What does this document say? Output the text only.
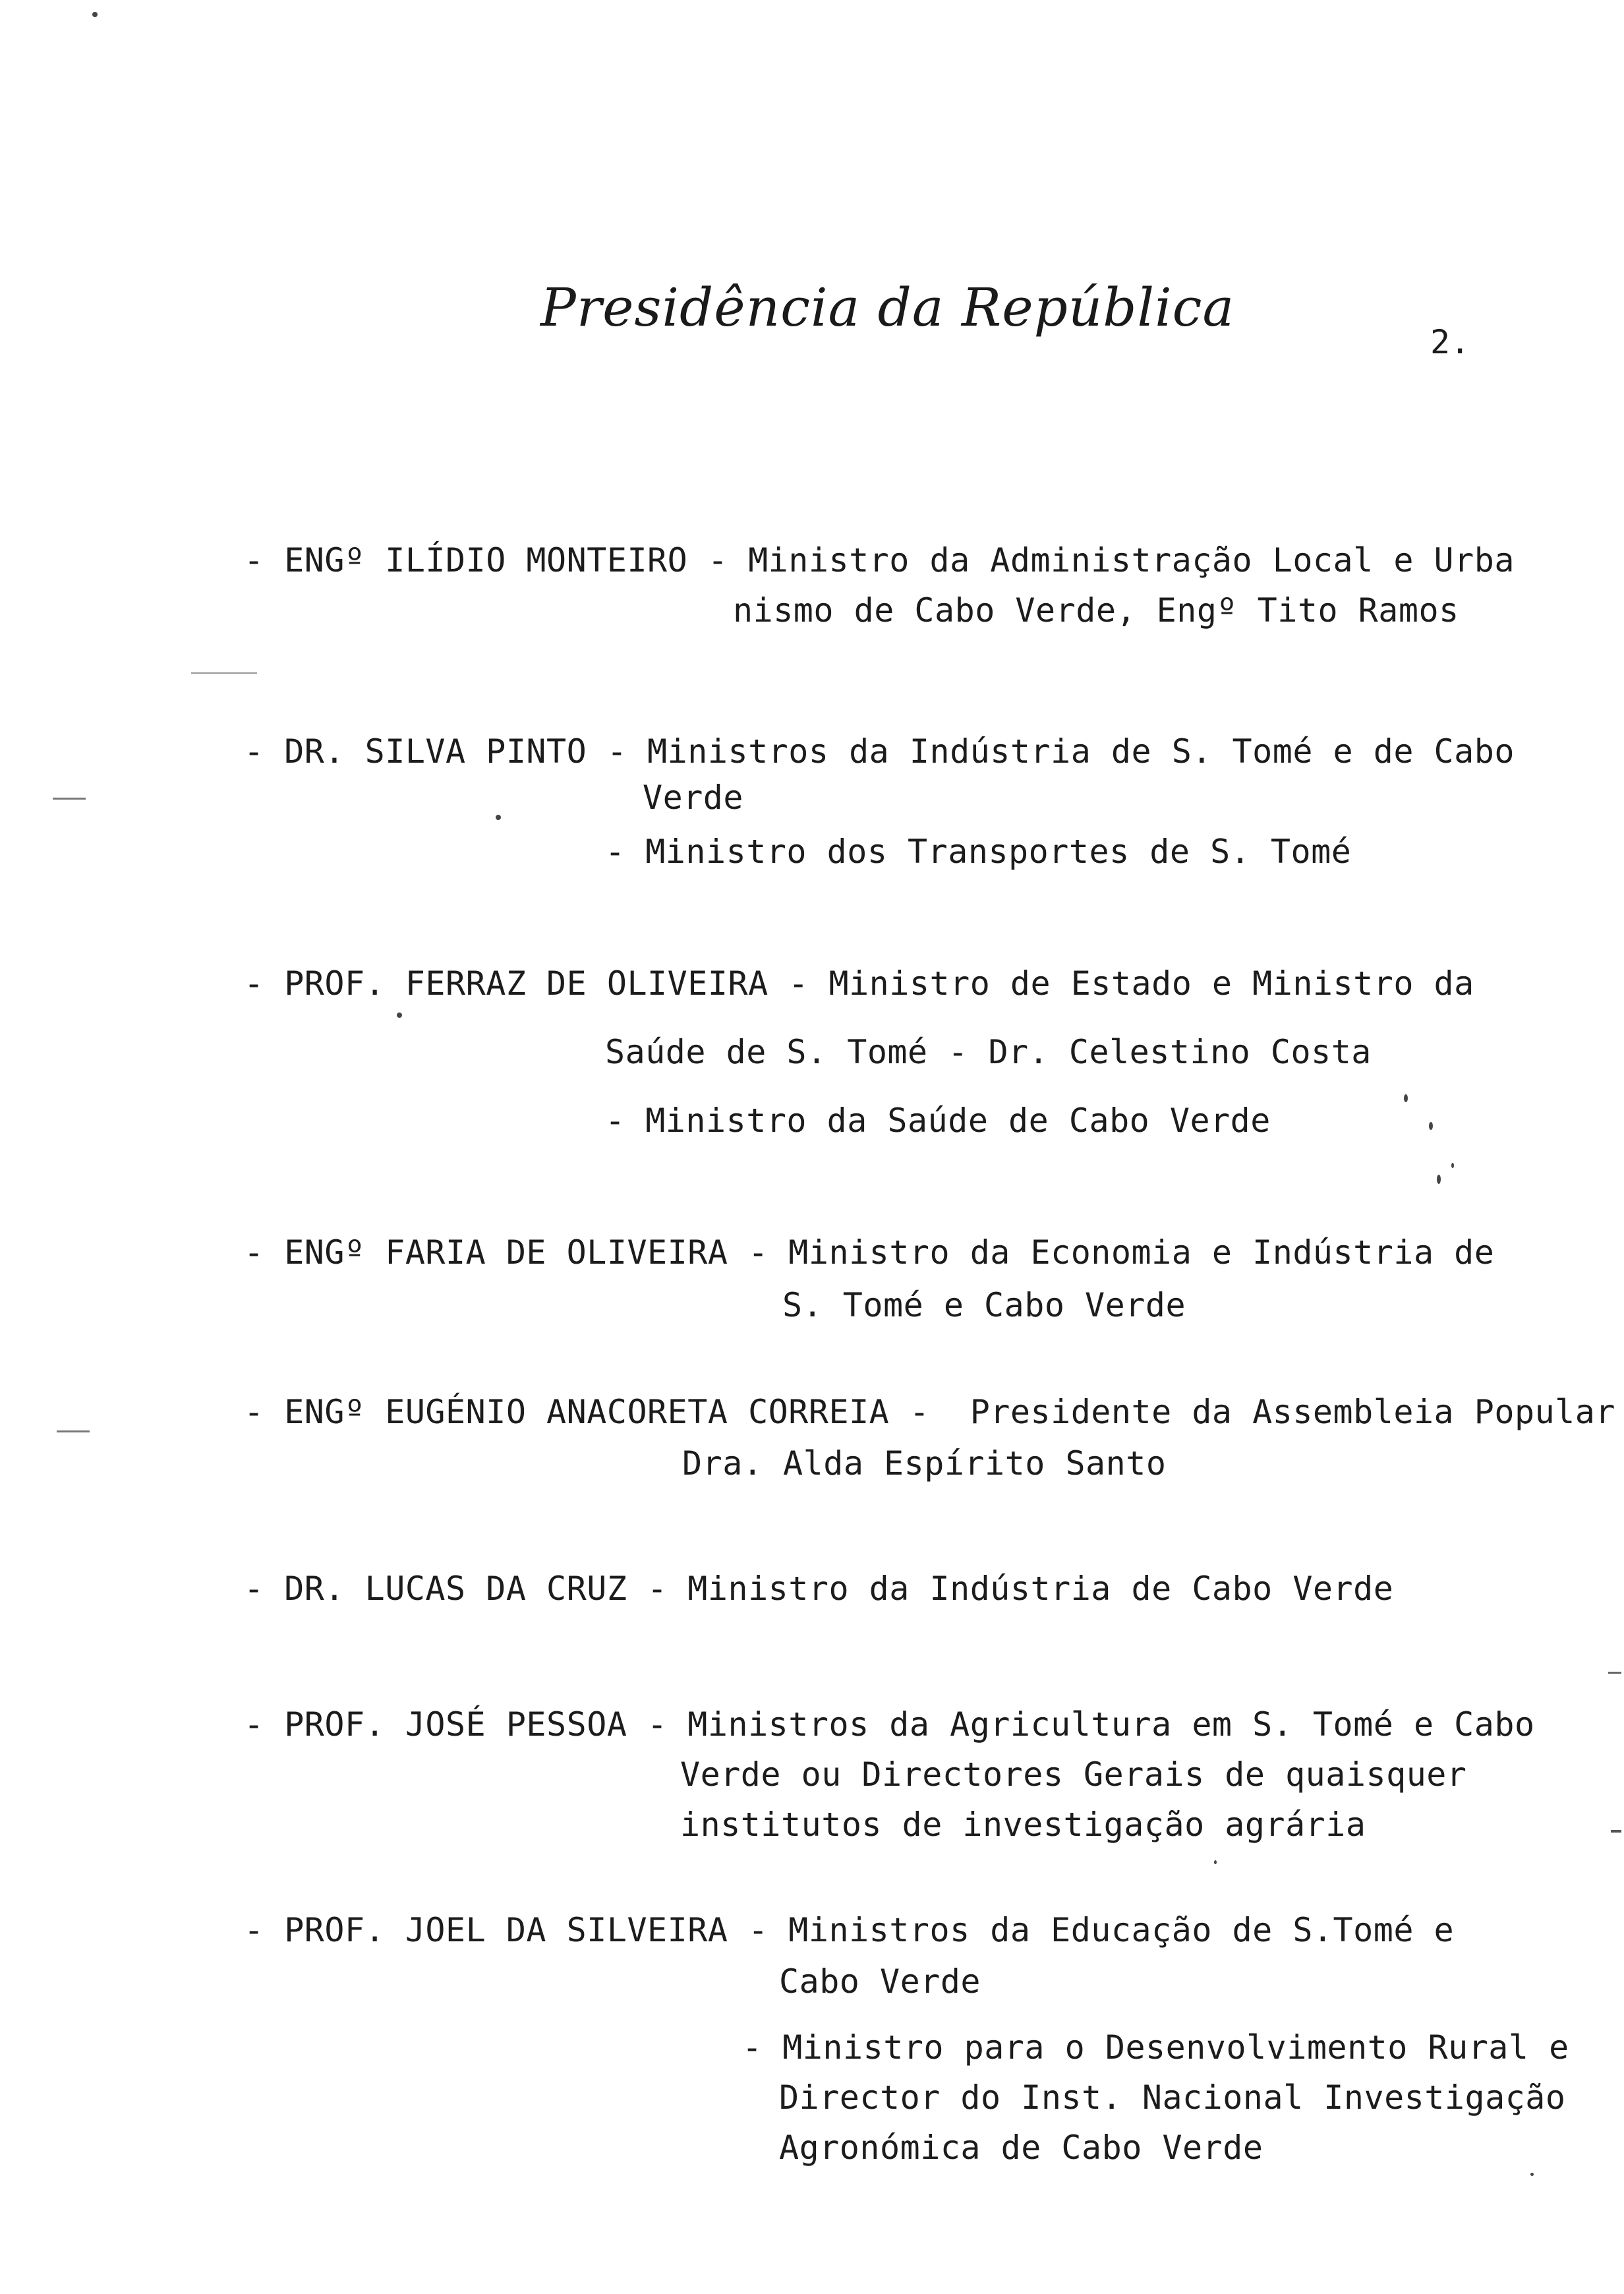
Presidência da República
2.
- ENGº ILÍDIO MONTEIRO - Ministro da Administração Local e Urba
nismo de Cabo Verde, Engº Tito Ramos
- DR. SILVA PINTO - Ministros da Indústria de S. Tomé e de Cabo
Verde
- Ministro dos Transportes de S. Tomé
- PROF. FERRAZ DE OLIVEIRA - Ministro de Estado e Ministro da
Saúde de S. Tomé - Dr. Celestino Costa
- Ministro da Saúde de Cabo Verde
- ENGº FARIA DE OLIVEIRA - Ministro da Economia e Indústria de
S. Tomé e Cabo Verde
- ENGº EUGÉNIO ANACORETA CORREIA -  Presidente da Assembleia Popular
Dra. Alda Espírito Santo
- DR. LUCAS DA CRUZ - Ministro da Indústria de Cabo Verde
- PROF. JOSÉ PESSOA - Ministros da Agricultura em S. Tomé e Cabo
Verde ou Directores Gerais de quaisquer
institutos de investigação agrária
- PROF. JOEL DA SILVEIRA - Ministros da Educação de S.Tomé e
Cabo Verde
- Ministro para o Desenvolvimento Rural e
Director do Inst. Nacional Investigação
Agronómica de Cabo Verde
